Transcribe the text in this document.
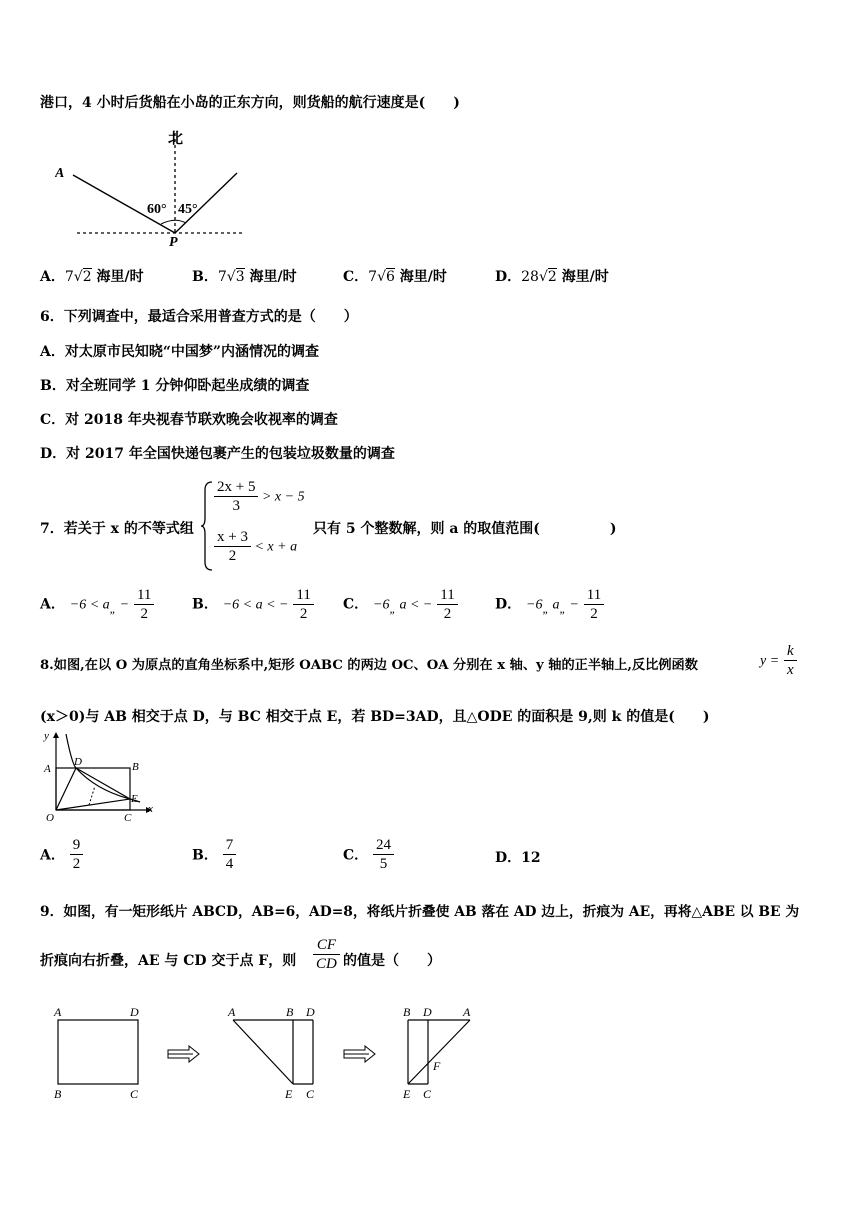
港口，4 小时后货船在小岛的正东方向，则货船的航行速度是(　　)
北
A
P
60° 45°
A．7√2 海里/时	B．7√3 海里/时	C．7√6 海里/时	D．28√2 海里/时
6．下列调查中，最适合采用普查方式的是（　　）
A．对太原市民知晓“中国梦”内涵情况的调查
B．对全班同学 1 分钟仰卧起坐成绩的调查
C．对 2018 年央视春节联欢晚会收视率的调查
D．对 2017 年全国快递包裹产生的包装垃圾数量的调查
7．若关于 x 的不等式组
$\frac{2x + 5}{3} > x - 5$
$\frac{x + 3}{2} < x + a$
只有 5 个整数解，则 a 的取值范围(　　　　　)
A． $-6 < a_„ - \frac{11}{2}$	B． −6 < a < − $\frac{11}{2}$ C． $-6_„$ a < − $\frac{11}{2}$	D． $-6_„$ $a_„ - \frac{11}{2}$
8.如图,在以 O 为原点的直角坐标系中,矩形 OABC 的两边 OC、OA 分别在 x 轴、y 轴的正半轴上,反比例函数	$y = \frac{k}{x}$
(x＞0)与 AB 相交于点 D，与 BC 相交于点 E，若 BD=3AD，且△ODE 的面积是 9,则 k 的值是(　　)
y
x
A	B
D
E
O	C
A． $\frac{9}{2}$	B． $\frac{7}{4}$	C． $\frac{24}{5}$	D．12
9．如图，有一矩形纸片 ABCD，AB=6，AD=8，将纸片折叠使 AB 落在 AD 边上，折痕为 AE，再将△ABE 以 BE 为
折痕向右折叠，AE 与 CD 交于点 F，则 $\frac{CF}{CD}$ 的值是（　　）
A	D
B	C
A	B D
E C
B D	A
F
E C
